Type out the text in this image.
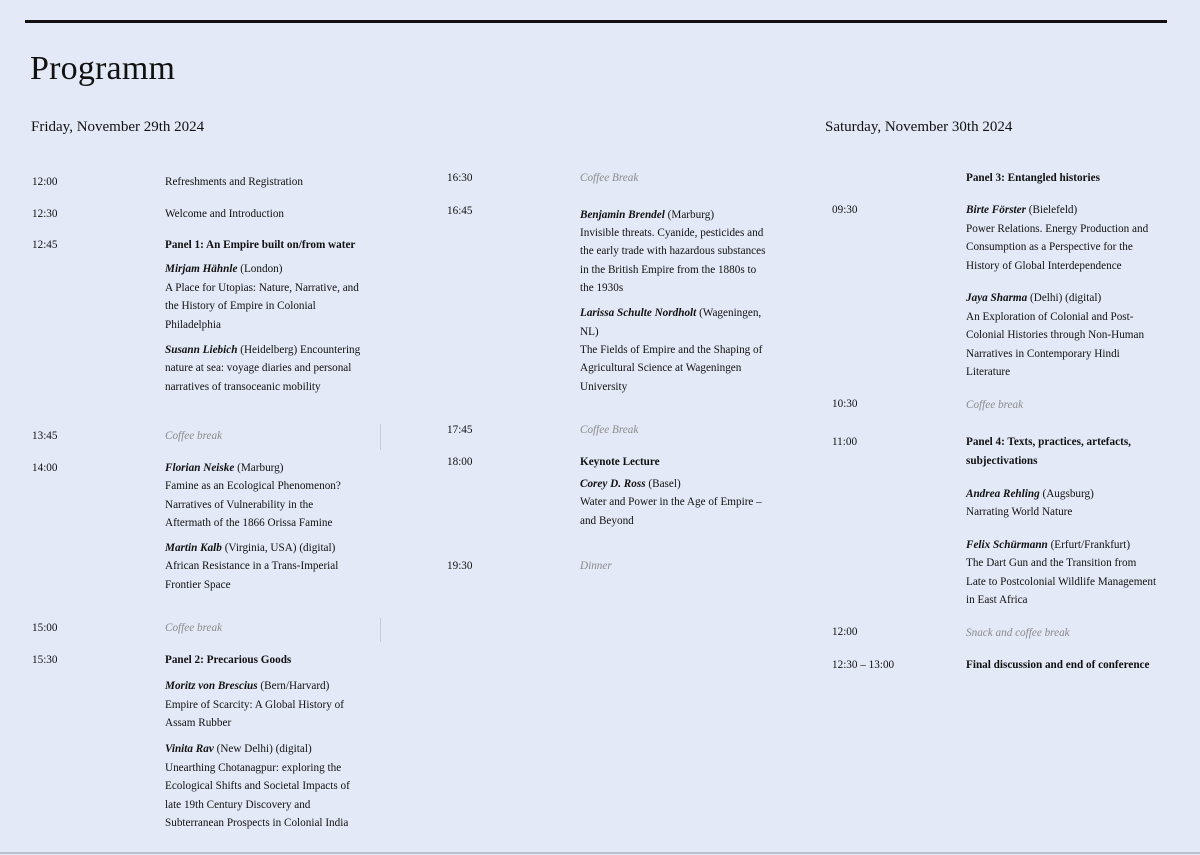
Programm
Friday, November 29th 2024	Saturday, November 30th 2024
12:00	Refreshments and Registration
12:30	Welcome and Introduction
12:45	Panel 1: An Empire built on/from water
Mirjam Hähnle (London)
A Place for Utopias: Nature, Narrative, and
the History of Empire in Colonial
Philadelphia
Susann Liebich (Heidelberg) Encountering
nature at sea: voyage diaries and personal
narratives of transoceanic mobility
13:45	Coffee break
14:00	Florian Neiske (Marburg)
Famine as an Ecological Phenomenon?
Narratives of Vulnerability in the
Aftermath of the 1866 Orissa Famine
Martin Kalb (Virginia, USA) (digital)
African Resistance in a Trans-Imperial
Frontier Space
15:00	Coffee break
15:30	Panel 2: Precarious Goods
Moritz von Brescius (Bern/Harvard)
Empire of Scarcity: A Global History of
Assam Rubber
Vinita Rav (New Delhi) (digital)
Unearthing Chotanagpur: exploring the
Ecological Shifts and Societal Impacts of
late 19th Century Discovery and
Subterranean Prospects in Colonial India
16:30	Coffee Break
16:45	Benjamin Brendel (Marburg)
Invisible threats. Cyanide, pesticides and
the early trade with hazardous substances
in the British Empire from the 1880s to
the 1930s
Larissa Schulte Nordholt (Wageningen,
NL)
The Fields of Empire and the Shaping of
Agricultural Science at Wageningen
University
17:45	Coffee Break
18:00	Keynote Lecture
Corey D. Ross (Basel)
Water and Power in the Age of Empire –
and Beyond
19:30	Dinner
Panel 3: Entangled histories
09:30	Birte Förster (Bielefeld)
Power Relations. Energy Production and
Consumption as a Perspective for the
History of Global Interdependence
Jaya Sharma (Delhi) (digital)
An Exploration of Colonial and Post-
Colonial Histories through Non-Human
Narratives in Contemporary Hindi
Literature
10:30	Coffee break
11:00	Panel 4: Texts, practices, artefacts,
subjectivations
Andrea Rehling (Augsburg)
Narrating World Nature
Felix Schürmann (Erfurt/Frankfurt)
The Dart Gun and the Transition from
Late to Postcolonial Wildlife Management
in East Africa
12:00	Snack and coffee break
12:30 – 13:00	Final discussion and end of conference
